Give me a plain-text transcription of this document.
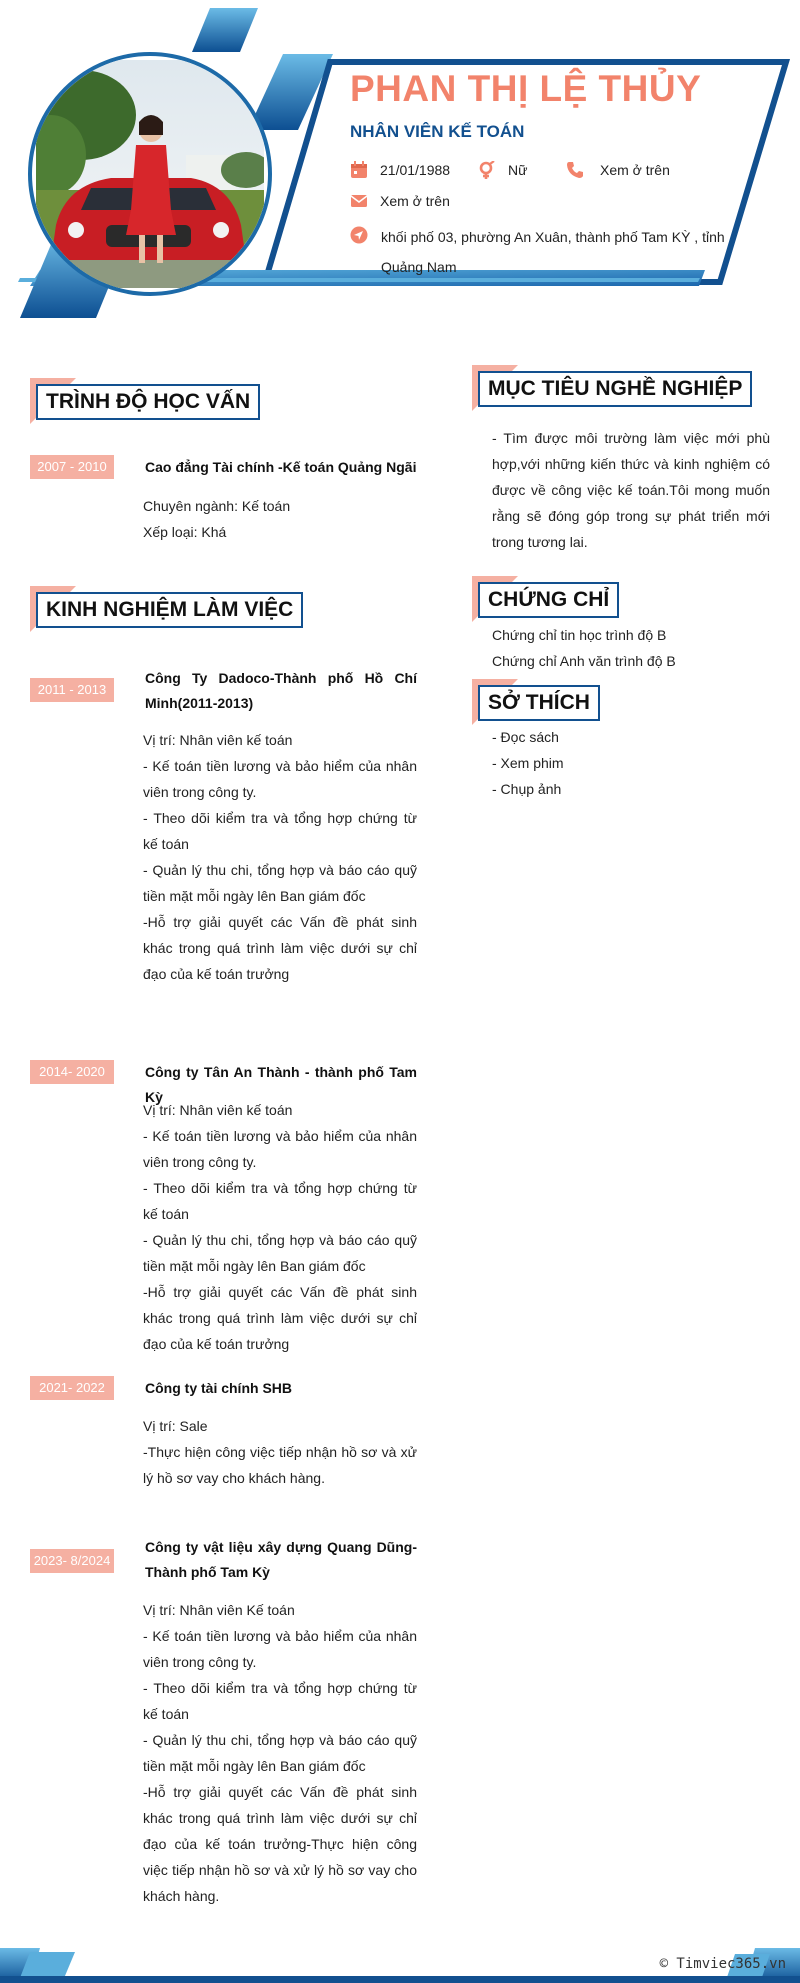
PHAN THỊ LỆ THỦY
NHÂN VIÊN KẾ TOÁN
21/01/1988	Nữ	Xem ở trên
Xem ở trên
khối phố 03, phường An Xuân, thành phố Tam KỲ , tỉnh Quảng Nam
TRÌNH ĐỘ HỌC VẤN
2007 - 2010	Cao đẳng Tài chính -Kế toán Quảng Ngãi

Chuyên ngành: Kế toán

Xếp loại: Khá

KINH NGHIỆM LÀM VIỆC
2011 - 2013
Công Ty Dadoco-Thành phố Hồ Chí Minh(2011-2013)

Vị trí: Nhân viên kế toán

- Kế toán tiền lương và bảo hiểm của nhân viên trong công ty.

- Theo dõi kiểm tra và tổng hợp chứng từ kế toán

- Quản lý thu chi, tổng hợp và báo cáo quỹ tiền mặt mỗi ngày lên Ban giám đốc

-Hỗ trợ giải quyết các Vấn đề phát sinh khác trong quá trình làm việc dưới sự chỉ đạo của kế toán trưởng

2014- 2020	Công ty Tân An Thành - thành phố Tam Kỳ

Vị trí: Nhân viên kế toán

- Kế toán tiền lương và bảo hiểm của nhân viên trong công ty.

- Theo dõi kiểm tra và tổng hợp chứng từ kế toán

- Quản lý thu chi, tổng hợp và báo cáo quỹ tiền mặt mỗi ngày lên Ban giám đốc

-Hỗ trợ giải quyết các Vấn đề phát sinh khác trong quá trình làm việc dưới sự chỉ đạo của kế toán trưởng

2021- 2022	Công ty tài chính SHB

Vị trí: Sale

-Thực hiện công việc tiếp nhận hồ sơ và xử lý hồ sơ vay cho khách hàng.

2023- 8/2024
Công ty vật liệu xây dựng Quang Dũng-Thành phố Tam Kỳ

Vị trí: Nhân viên Kế toán

- Kế toán tiền lương và bảo hiểm của nhân viên trong công ty.

- Theo dõi kiểm tra và tổng hợp chứng từ kế toán

- Quản lý thu chi, tổng hợp và báo cáo quỹ tiền mặt mỗi ngày lên Ban giám đốc

-Hỗ trợ giải quyết các Vấn đề phát sinh khác trong quá trình làm việc dưới sự chỉ đạo của kế toán trưởng-Thực hiện công việc tiếp nhận hồ sơ và xử lý hồ sơ vay cho khách hàng.

MỤC TIÊU NGHỀ NGHIỆP
- Tìm được môi trường làm việc mới phù hợp,với những kiến thức và kinh nghiệm có được về công việc kế toán.Tôi mong muốn rằng sẽ đóng góp trong sự phát triển mới trong tương lai.
CHỨNG CHỈ

Chứng chỉ tin học trình độ B

Chứng chỉ Anh văn trình độ B

SỞ THÍCH

- Đọc sách

- Xem phim

- Chụp ảnh

© Timviec365.vn
